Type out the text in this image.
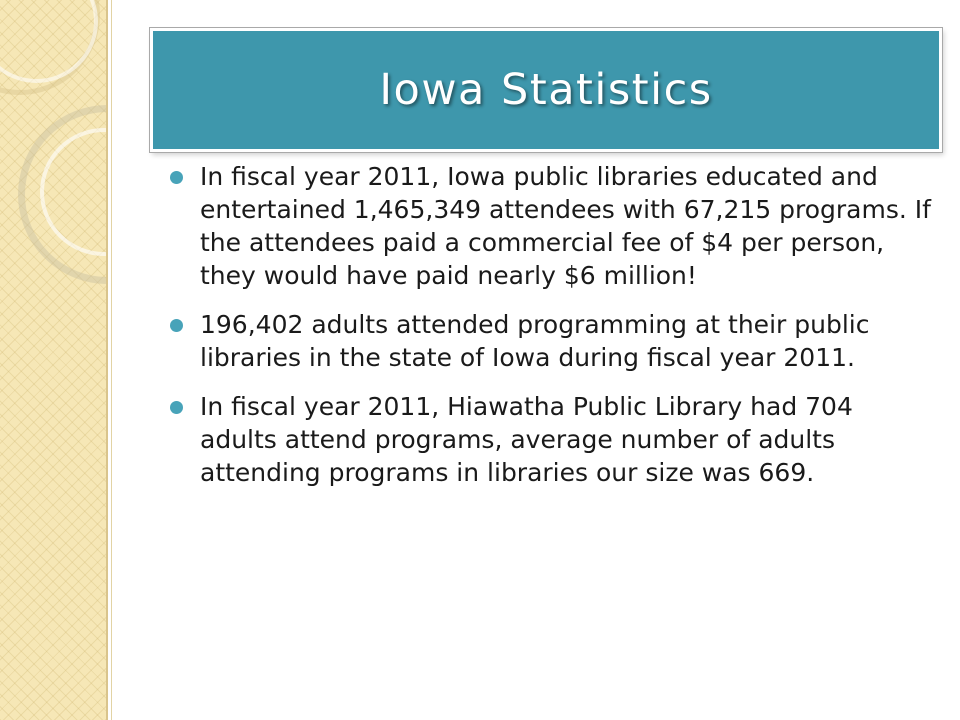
Iowa Statistics
In fiscal year 2011, Iowa public libraries educated and entertained 1,465,349 attendees with 67,215 programs. If the attendees paid a commercial fee of $4 per person, they would have paid nearly $6 million!
196,402 adults attended programming at their public libraries in the state of Iowa during fiscal year 2011.
In fiscal year 2011, Hiawatha Public Library had 704 adults attend programs, average number of adults attending programs in libraries our size was 669.
